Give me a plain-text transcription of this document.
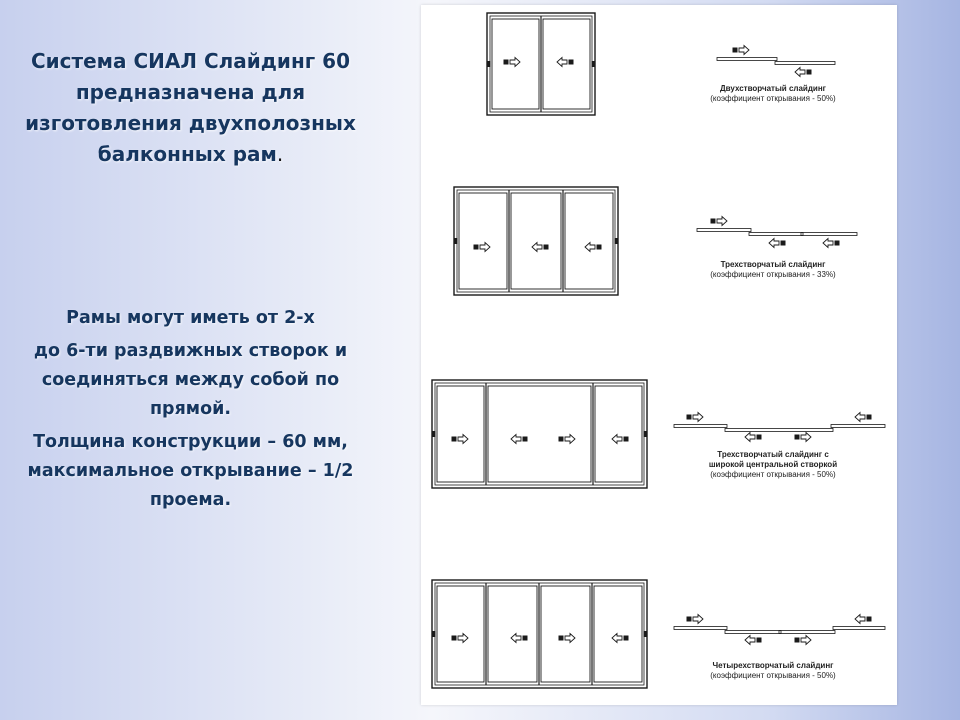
Система СИАЛ Слайдинг 60 предназначена для изготовления двухполозных балконных рам.

Рамы могут иметь от 2-х

до 6-ти раздвижных створок и соединяться между собой по прямой.

Толщина конструкции – 60 мм, максимальное открывание – 1/2 проема.

Двухстворчатый слайдинг
(коэффициент открывания - 50%)
Трехстворчатый слайдинг
(коэффициент открывания - 33%)
Трехстворчатый слайдинг с широкой центральной створкой
(коэффициент открывания - 50%)
Четырехстворчатый слайдинг
(коэффициент открывания - 50%)
